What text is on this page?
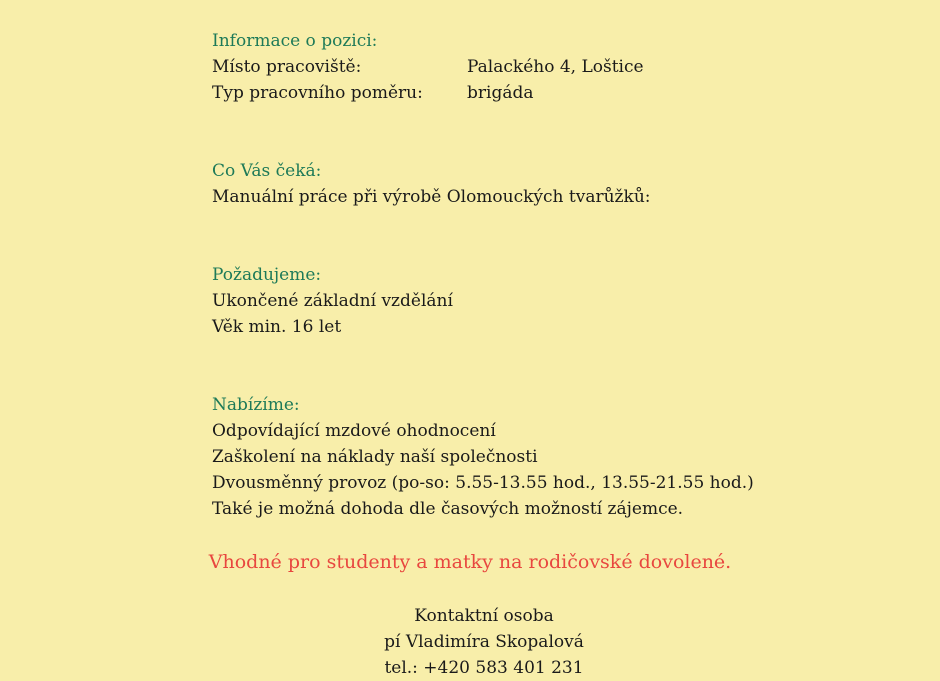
Informace o pozici:
Místo pracoviště:	Palackého 4, Loštice
Typ pracovního poměru:	brigáda
Co Vás čeká:
Manuální práce při výrobě Olomouckých tvarůžků:
Požadujeme:
Ukončené základní vzdělání
Věk min. 16 let
Nabízíme:
Odpovídající mzdové ohodnocení
Zaškolení na náklady naší společnosti
Dvousměnný provoz (po-so: 5.55-13.55 hod., 13.55-21.55 hod.)
Také je možná dohoda dle časových možností zájemce.
Vhodné pro studenty a matky na rodičovské dovolené.
Kontaktní osoba
pí Vladimíra Skopalová
tel.: +420 583 401 231
